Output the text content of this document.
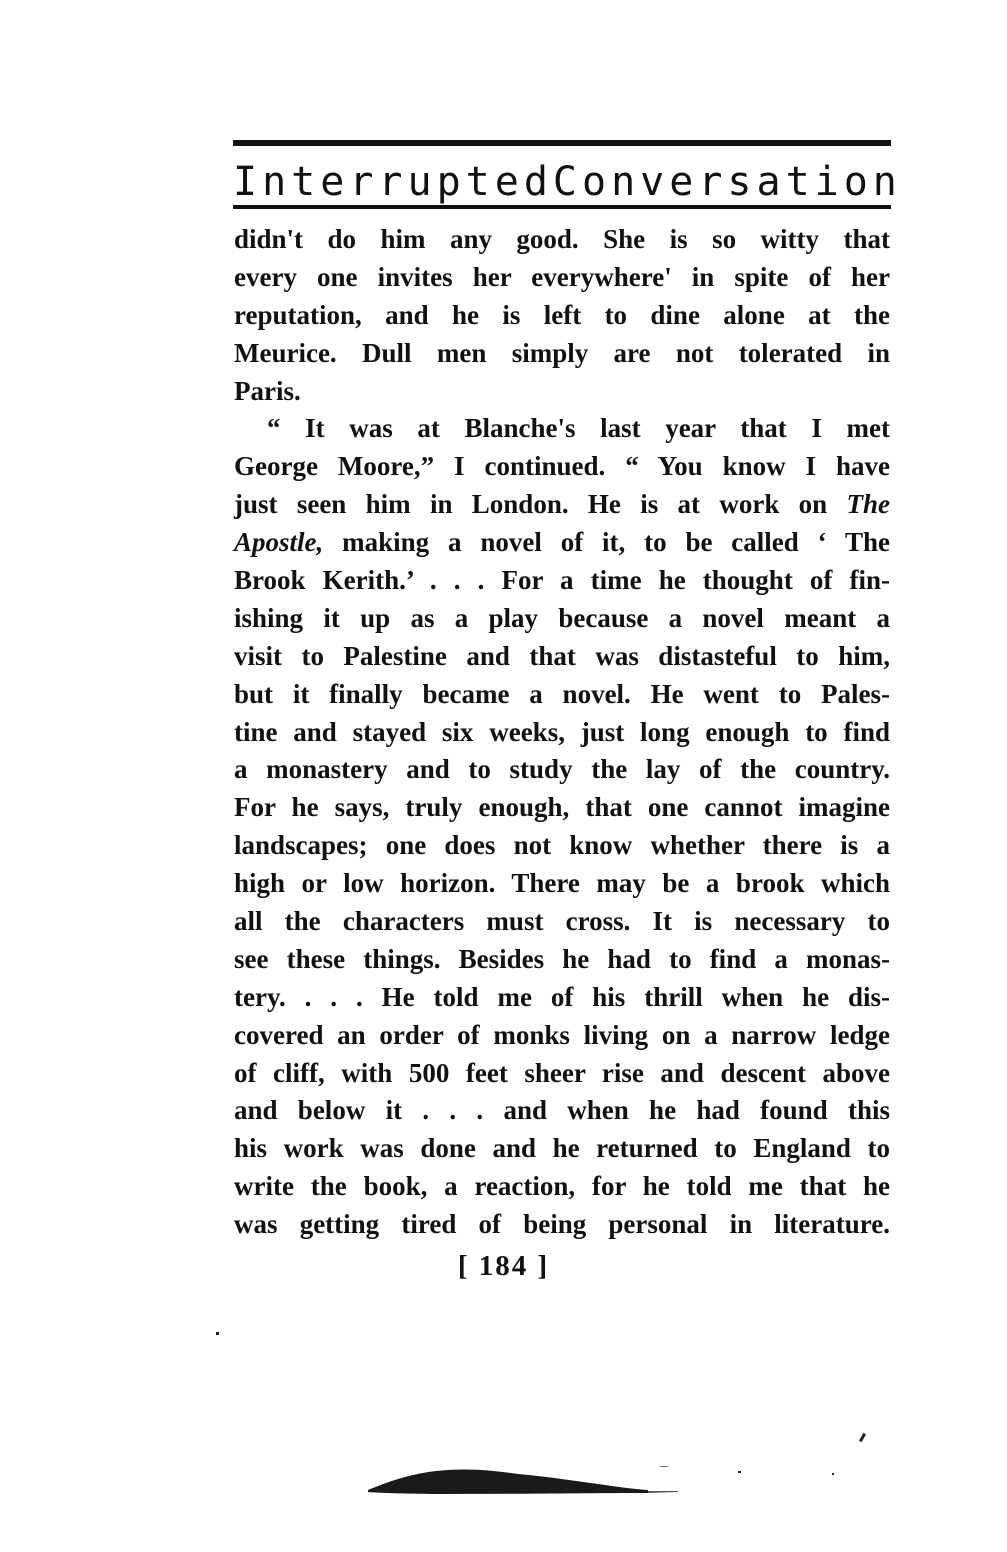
Interrupted Conversation
didn't do him any good. She is so witty that
every one invites her everywhere' in spite of her
reputation, and he is left to dine alone at the
Meurice. Dull men simply are not tolerated in
Paris.
“ It was at Blanche's last year that I met
George Moore,” I continued. “ You know I have
just seen him in London. He is at work on The
Apostle, making a novel of it, to be called ‘ The
Brook Kerith.’ . . . For a time he thought of fin-
ishing it up as a play because a novel meant a
visit to Palestine and that was distasteful to him,
but it finally became a novel. He went to Pales-
tine and stayed six weeks, just long enough to find
a monastery and to study the lay of the country.
For he says, truly enough, that one cannot imagine
landscapes; one does not know whether there is a
high or low horizon. There may be a brook which
all the characters must cross. It is necessary to
see these things. Besides he had to find a monas-
tery. . . . He told me of his thrill when he dis-
covered an order of monks living on a narrow ledge
of cliff, with 500 feet sheer rise and descent above
and below it . . . and when he had found this
his work was done and he returned to England to
write the book, a reaction, for he told me that he
was getting tired of being personal in literature.
[ 184 ]
